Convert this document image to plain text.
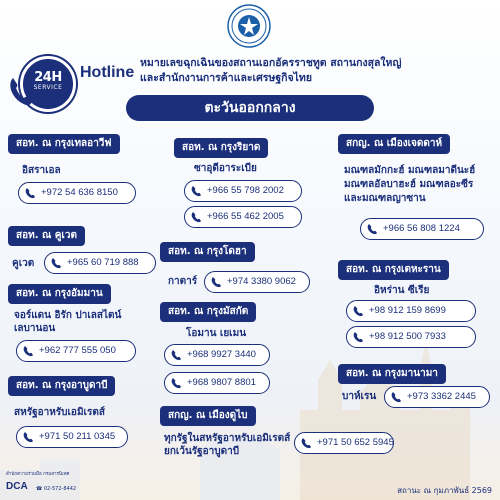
24H
SERVICE
Hotline
หมายเลขฉุกเฉินของสถานเอกอัครราชทูต สถานกงสุลใหญ่
และสำนักงานการค้าและเศรษฐกิจไทย
ตะวันออกกลาง
สอท. ณ กรุงเทลอาวีฟ
อิสราเอล
+972 54 636 8150
สอท. ณ กรุงริยาด
ซาอุดีอาระเบีย
+966 55 798 2002
+966 55 462 2005
สกญ. ณ เมืองเจดดาห์
มณฑลมักกะฮ์ มณฑลมาดีนะฮ์
มณฑลอัลบาฮะฮ์ มณฑลอะซีร
และมณฑลญาซาน
+966 56 808 1224
สอท. ณ คูเวต
คูเวต	+965 60 719 888
สอท. ณ กรุงโดฮา
กาตาร์	+974 3380 9062
สอท. ณ กรุงเตหะราน
อิหร่าน ซีเรีย
+98 912 159 8699
+98 912 500 7933
สอท. ณ กรุงอัมมาน
จอร์แดน อิรัก ปาเลสไตน์
เลบานอน
+962 777 555 050
สอท. ณ กรุงมัสกัต
โอมาน เยเมน
+968 9927 3440
+968 9807 8801
สอท. ณ กรุงมานามา
บาห์เรน	+973 3362 2445
สอท. ณ กรุงอาบูดาบี
สหรัฐอาหรับเอมิเรตส์
+971 50 211 0345
สกญ. ณ เมืองดูไบ
ทุกรัฐในสหรัฐอาหรับเอมิเรตส์
ยกเว้นรัฐอาบูดาบี
+971 50 652 5945
สำนักความร่วมมือ กรมสารนิเทศ
DCA ☎ 02-572-8442	สถานะ ณ กุมภาพันธ์ 2569
